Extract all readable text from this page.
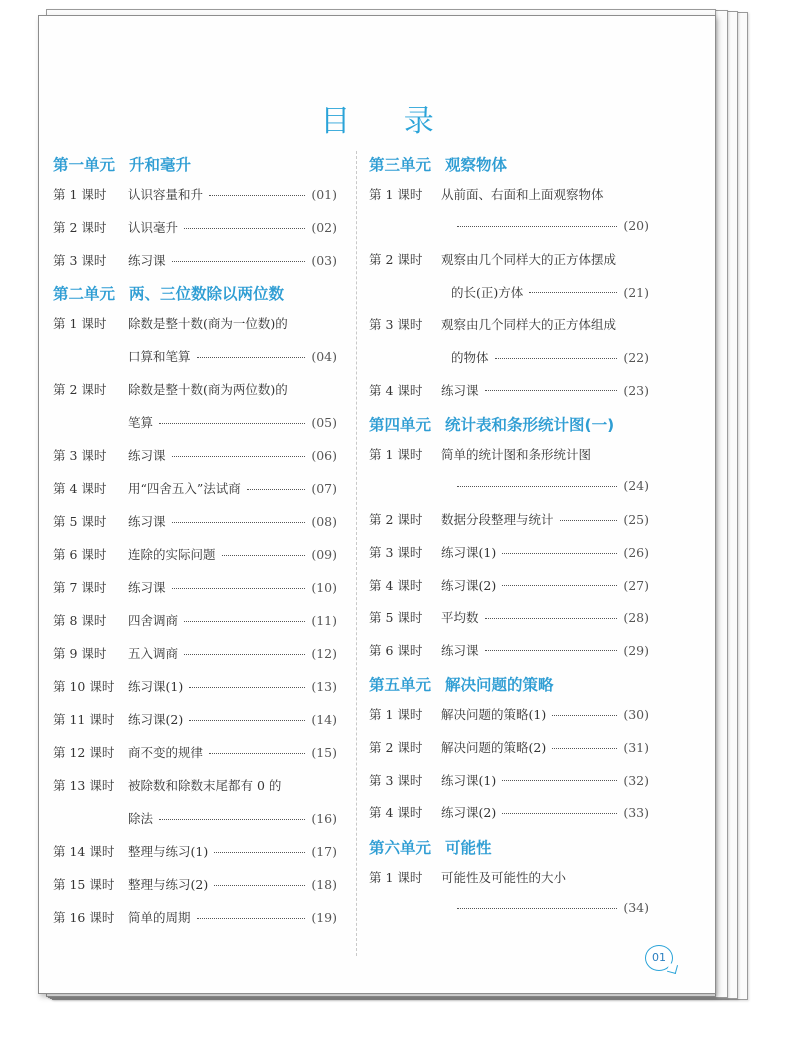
目 录
01
第一单元 升和毫升
第 1 课时	认识容量和升	(01)
第 2 课时	认识毫升	(02)
第 3 课时	练习课	(03)
第二单元 两、三位数除以两位数
第 1 课时	除数是整十数(商为一位数)的
口算和笔算	(04)
第 2 课时	除数是整十数(商为两位数)的
笔算	(05)
第 3 课时	练习课	(06)
第 4 课时	用“四舍五入”法试商	(07)
第 5 课时	练习课	(08)
第 6 课时	连除的实际问题	(09)
第 7 课时	练习课	(10)
第 8 课时	四舍调商	(11)
第 9 课时	五入调商	(12)
第 10 课时	练习课(1)	(13)
第 11 课时	练习课(2)	(14)
第 12 课时	商不变的规律	(15)
第 13 课时	被除数和除数末尾都有 0 的
除法	(16)
第 14 课时	整理与练习(1)	(17)
第 15 课时	整理与练习(2)	(18)
第 16 课时	简单的周期	(19)
第三单元 观察物体
第 1 课时	从前面、右面和上面观察物体
(20)
第 2 课时	观察由几个同样大的正方体摆成
的长(正)方体	(21)
第 3 课时	观察由几个同样大的正方体组成
的物体	(22)
第 4 课时	练习课	(23)
第四单元 统计表和条形统计图(一)
第 1 课时	简单的统计图和条形统计图
(24)
第 2 课时	数据分段整理与统计	(25)
第 3 课时	练习课(1)	(26)
第 4 课时	练习课(2)	(27)
第 5 课时	平均数	(28)
第 6 课时	练习课	(29)
第五单元 解决问题的策略
第 1 课时	解决问题的策略(1)	(30)
第 2 课时	解决问题的策略(2)	(31)
第 3 课时	练习课(1)	(32)
第 4 课时	练习课(2)	(33)
第六单元 可能性
第 1 课时	可能性及可能性的大小
(34)
